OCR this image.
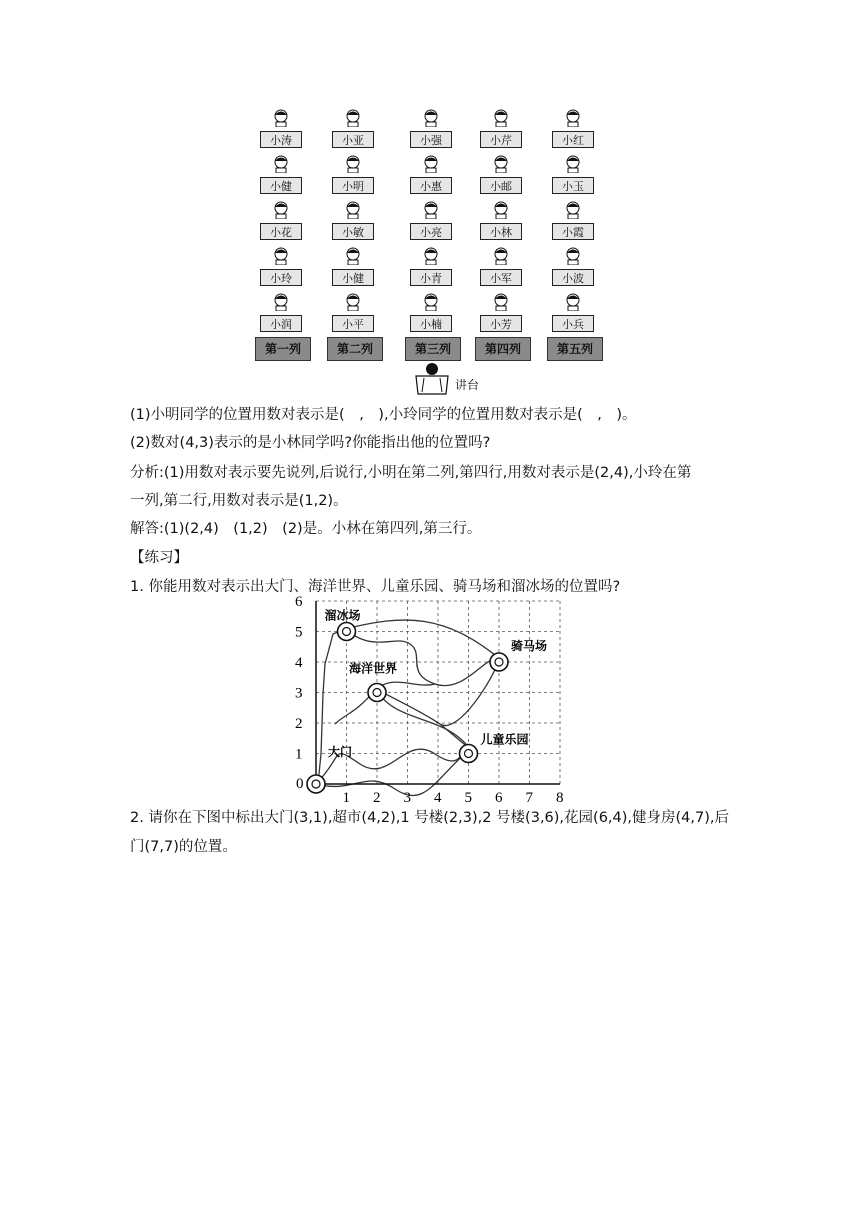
小涛
小健
小花
小玲
小润
第一列
小亚
小明
小敏
小健
小平
第二列
小强
小惠
小亮
小青
小楠
第三列
小芹
小邮
小林
小军
小芳
第四列
小红
小玉
小霞
小波
小兵
第五列
讲台
(1)小明同学的位置用数对表示是(　,　),小玲同学的位置用数对表示是(　,　)。
(2)数对(4,3)表示的是小林同学吗?你能指出他的位置吗?
分析:(1)用数对表示要先说列,后说行,小明在第二列,第四行,用数对表示是(2,4),小玲在第
一列,第二行,用数对表示是(1,2)。
解答:(1)(2,4)　(1,2)　(2)是。小林在第四列,第三行。
【练习】
1. 你能用数对表示出大门、海洋世界、儿童乐园、骑马场和溜冰场的位置吗?
0
1 2 3 4 5 6 7 8
1
2
3
4
5
6
溜冰场
骑马场
海洋世界
儿童乐园
大门
2. 请你在下图中标出大门(3,1),超市(4,2),1 号楼(2,3),2 号楼(3,6),花园(6,4),健身房(4,7),后
门(7,7)的位置。
